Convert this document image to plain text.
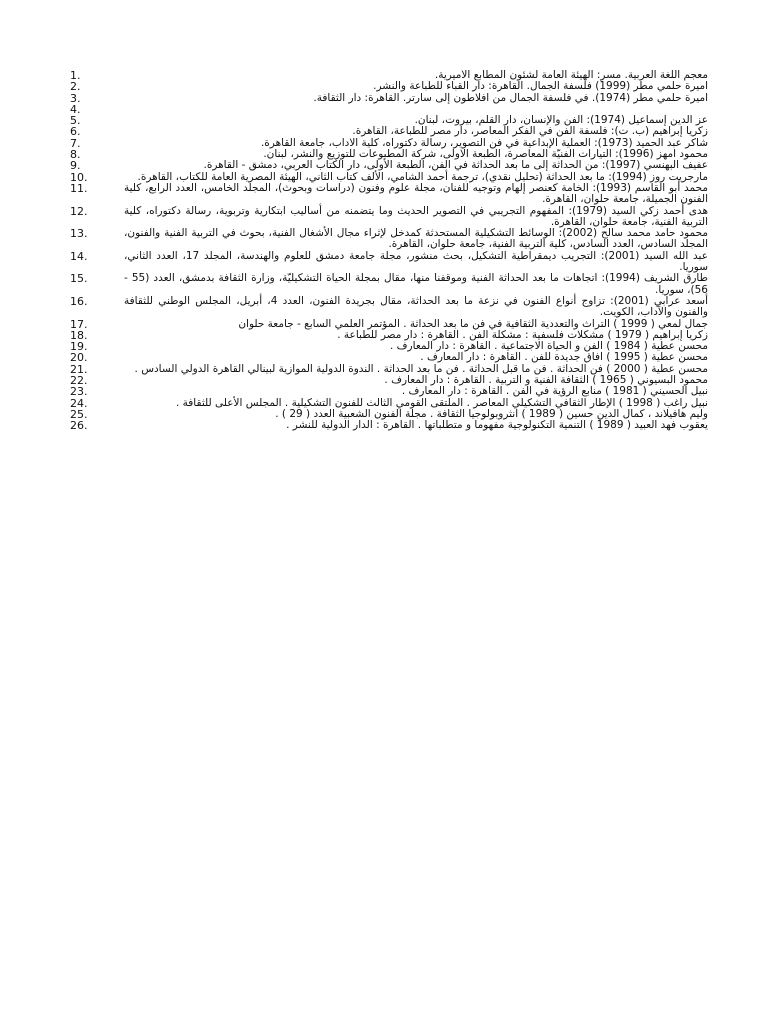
1.	معجم اللغة العربية. مسر: الهيئة العامة لشئون المطابع الأميرية.
2.	أميرة حلمي مطر (1999) فلسفة الجمال. القاهرة: دار القباء للطباعة والنشر.
3.	أميرة حلمي مطر (1974). في فلسفة الجمال من أفلاطون إلى سارتر. القاهرة: دار الثقافة.
4.
5.	عز الدين إسماعيل (1974): الفن والإنسان، دار القلم، بيروت، لبنان.
6.	زكريا إبراهيم (ب. ت): فلسفة الفن في الفكر المعاصر، دار مصر للطباعة، القاهرة.
7.	شاكر عبد الحميد (1973): العملية الإبداعية في فن التصوير، رسالة دكتوراه، كلية الآداب، جامعة القاهرة.
8.	محمود أمهز (1996): التيارات الفنيّة المعاصرة، الطبعة الأولى، شركة المطبوعات للتوزيع والنشر، لبنان.
9.	عفيف البهنسي (1997): من الحداثة إلى ما بعد الحداثة في الفن، الطبعة الأولى، دار الكتاب العربي، دمشق - القاهرة.
10.	مارجريت روز (1994): ما بعد الحداثة (تحليل نقدي)، ترجمة أحمد الشامي، الألف كتاب الثاني، الهيئة المصرية العامة للكتاب، القاهرة.
11.	محمد أبو القاسم (1993): الخامة كعنصر إلهام وتوجيه للفنان، مجلة علوم وفنون (دراسات وبحوث)، المجلد الخامس، العدد الرابع، كلية الفنون الجميلة، جامعة حلوان، القاهرة.
12.	هدى أحمد زكي السيد (1979): المفهوم التجريبي في التصوير الحديث وما يتضمنه من أساليب ابتكارية وتربوية، رسالة دكتوراه، كلية التربية الفنية، جامعة حلوان، القاهرة.
13.	محمود حامد محمد سالح (2002): الوسائط التشكيلية المستحدثة كمدخل لإثراء مجال الأشغال الفنية، بحوث في التربية الفنية والفنون، المجلد السادس، العدد السادس، كلية التربية الفنية، جامعة حلوان، القاهرة.
14.	عبد الله السيد (2001): التجريب ديمقراطية التشكيل، بحث منشور، مجلة جامعة دمشق للعلوم والهندسة، المجلد 17، العدد الثاني، سوريا.
15.	طارق الشريف (1994): اتجاهات ما بعد الحداثة الفنية وموقفنا منها، مقال بمجلة الحياة التشكيليّة، وزارة الثقافة بدمشق، العدد (55 - 56)، سوريا.
16.	أسعد عرابي (2001): تزاوج أنواع الفنون في نزعة ما بعد الحداثة، مقال بجريدة الفنون، العدد 4، أبريل، المجلس الوطني للثقافة والفنون والآداب، الكويت.
17.	جمال لمعي ( 1999 ) التراث والتعددية الثقافية في فن ما بعد الحداثة . المؤتمر العلمي السابع - جامعة حلوان
18.	زكريا إبراهيم ( 1979 ) مشكلات فلسفية : مشكلة الفن . القاهرة : دار مصر للطباعة .
19.	محسن عطية ( 1984 ) الفن و الحياة الاجتماعية . القاهرة : دار المعارف .
20.	محسن عطية ( 1995 ) آفاق جديدة للفن . القاهرة : دار المعارف .
21.	محسن عطية ( 2000 ) فن الحداثة . فن ما قبل الحداثة . فن ما بعد الحداثة . الندوة الدولية الموازية لبينالي القاهرة الدولي السادس .
22.	محمود البسيوني ( 1965 ) الثقافة الفنية و التربية . القاهرة : دار المعارف .
23.	نبيل الحسيني ( 1981 ) منابع الرؤية في الفن . القاهرة : دار المعارف .
24.	نبيل راغب ( 1998 ) الإطار الثقافي التشكيلي المعاصر . الملتقى القومي الثالث للفنون التشكيلية . المجلس الأعلى للثقافة .
25.	وليم هافيلاند ، كمال الدين حسين ( 1989 ) أنثروبولوجيا الثقافة . مجلة الفنون الشعبية العدد ( 29 ) .
26.	يعقوب فهد العبيد ( 1989 ) التنمية التكنولوجية مفهوماً و متطلباتها . القاهرة : الدار الدولية للنشر .
